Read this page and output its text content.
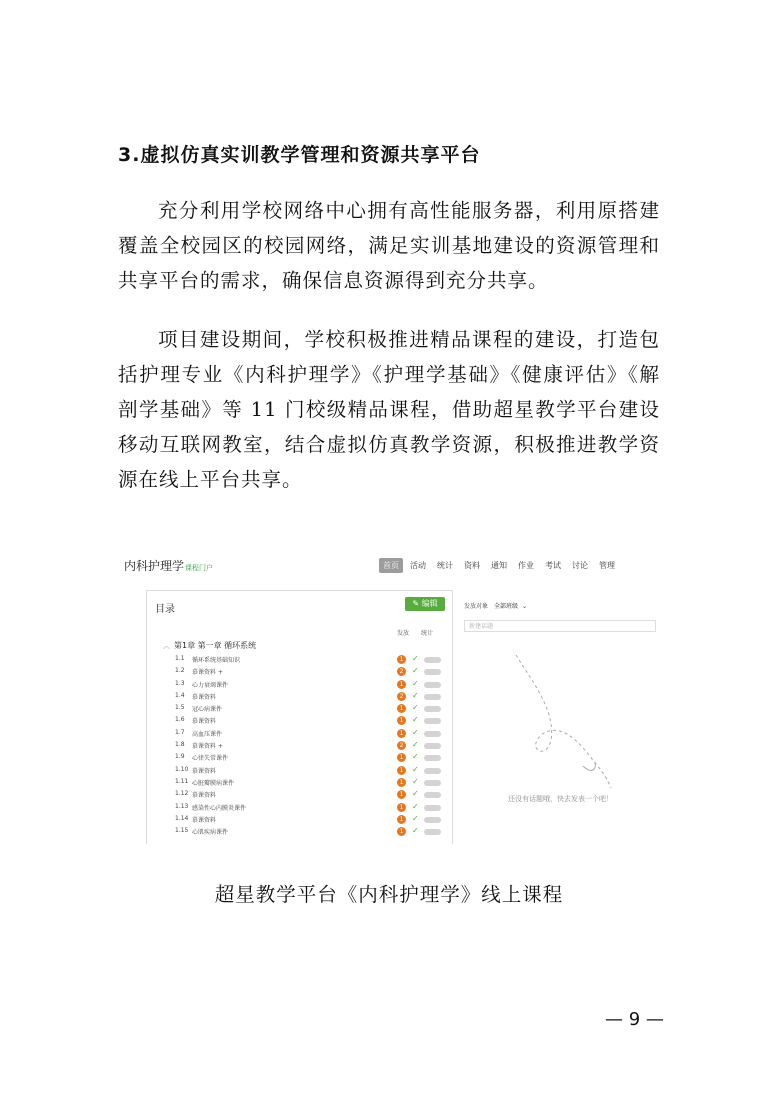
3.虚拟仿真实训教学管理和资源共享平台
充分利用学校网络中心拥有高性能服务器，利用原搭建覆盖全校园区的校园网络，满足实训基地建设的资源管理和共享平台的需求，确保信息资源得到充分共享。
项目建设期间，学校积极推进精品课程的建设，打造包括护理专业《内科护理学》《护理学基础》《健康评估》《解剖学基础》等 11 门校级精品课程，借助超星教学平台建设移动互联网教室，结合虚拟仿真教学资源，积极推进教学资源在线上平台共享。
内科护理学课程门户	首页	活动	统计	资料	通知	作业	考试	讨论	管理
目录
✎ 编辑
发放 统计
︿ 第1章 第一章 循环系统
1.1 循环系统基础知识	1	✓
1.2 慕课资料 +	2	✓
1.3 心力衰竭课件	1	✓
1.4 慕课资料	2	✓
1.5 冠心病课件	1	✓
1.6 慕课资料	1	✓
1.7 高血压课件	1	✓
1.8 慕课资料 +	2	✓
1.9 心律失常课件	1	✓
1.10 慕课资料	1	✓
1.11 心脏瓣膜病课件	1	✓
1.12 慕课资料	1	✓
1.13 感染性心内膜炎课件	1	✓
1.14 慕课资料	1	✓
1.15 心肌疾病课件	1	✓
发放对象 全部班级 ⌄
新建话题
还没有话题哦，快去发表一个吧！
超星教学平台《内科护理学》线上课程
— 9 —
